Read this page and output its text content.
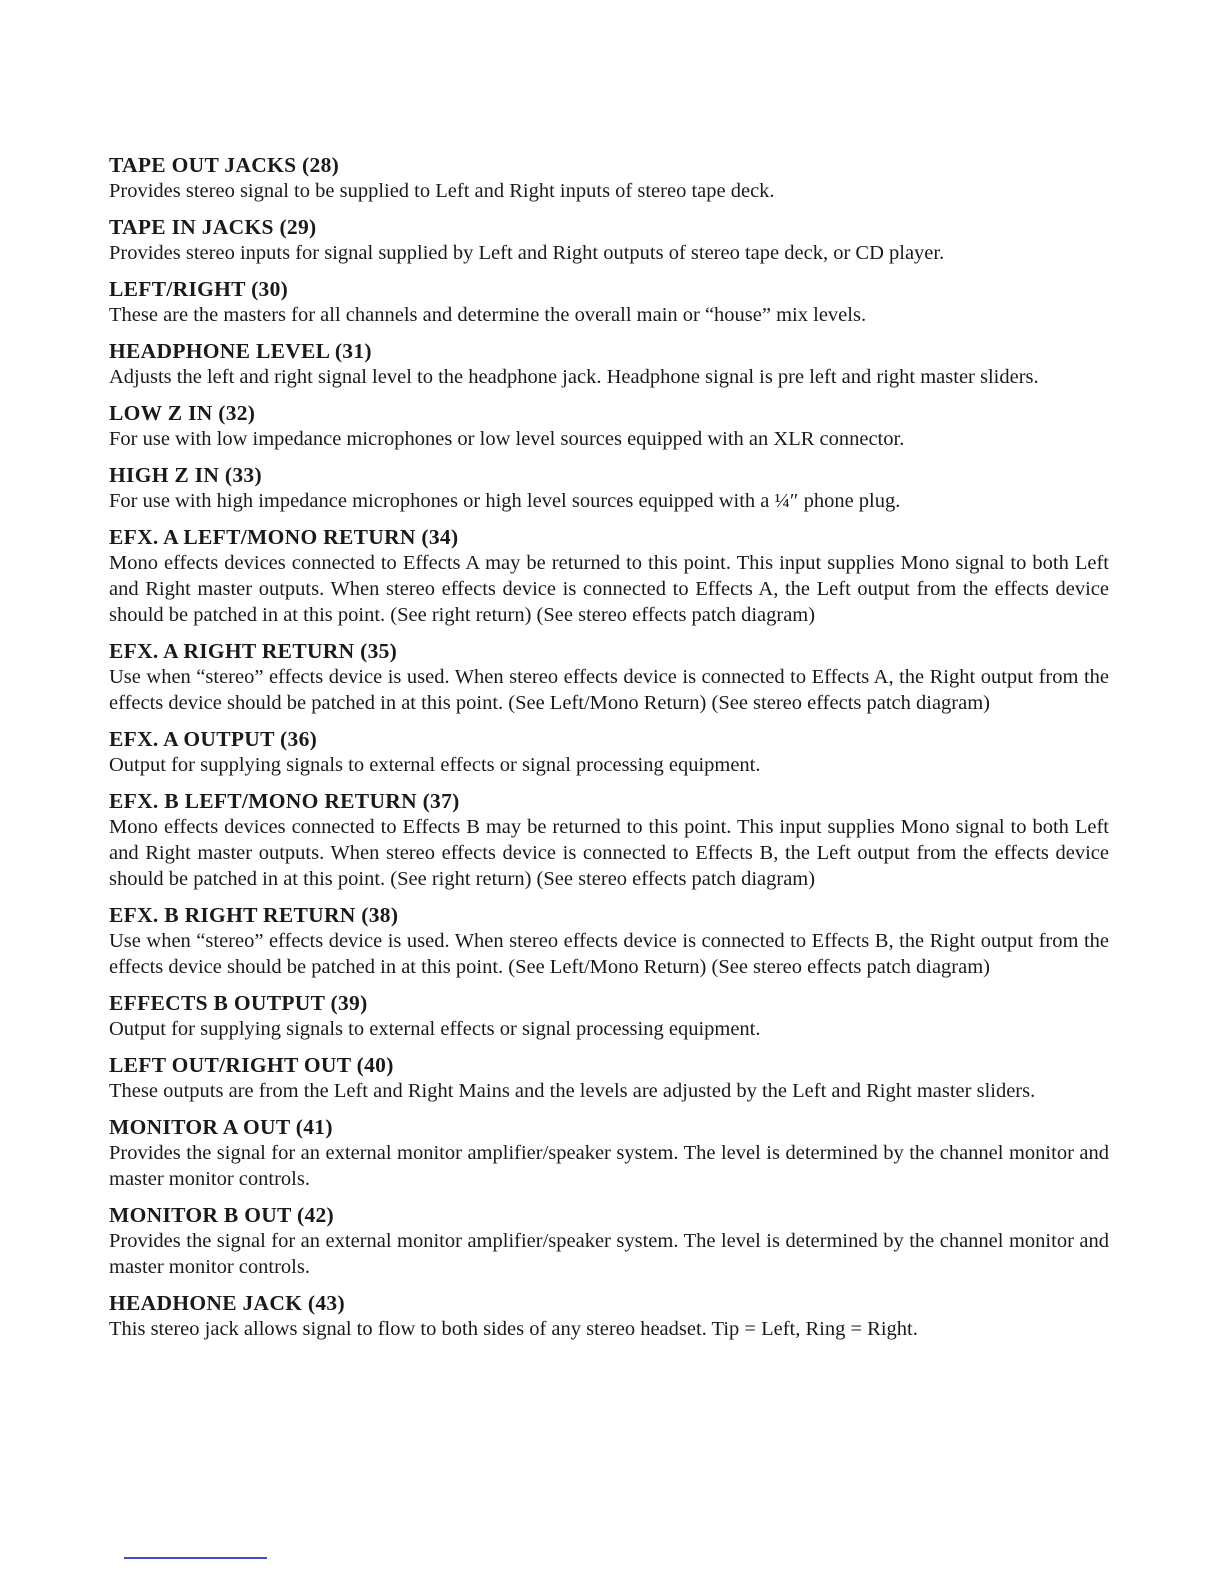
TAPE OUT JACKS (28)
Provides stereo signal to be supplied to Left and Right inputs of stereo tape deck.
TAPE IN JACKS (29)
Provides stereo inputs for signal supplied by Left and Right outputs of stereo tape deck, or CD player.
LEFT/RIGHT (30)
These are the masters for all channels and determine the overall main or “house” mix levels.
HEADPHONE LEVEL (31)
Adjusts the left and right signal level to the headphone jack. Headphone signal is pre left and right master sliders.
LOW Z IN (32)
For use with low impedance microphones or low level sources equipped with an XLR connector.
HIGH Z IN (33)
For use with high impedance microphones or high level sources equipped with a ¼″ phone plug.
EFX. A LEFT/MONO RETURN (34)
Mono effects devices connected to Effects A may be returned to this point. This input supplies Mono signal to both Left and Right master outputs. When stereo effects device is connected to Effects A, the Left output from the effects device should be patched in at this point. (See right return) (See stereo effects patch diagram)
EFX. A RIGHT RETURN (35)
Use when “stereo” effects device is used. When stereo effects device is connected to Effects A, the Right output from the effects device should be patched in at this point. (See Left/Mono Return) (See stereo effects patch diagram)
EFX. A OUTPUT (36)
Output for supplying signals to external effects or signal processing equipment.
EFX. B LEFT/MONO RETURN (37)
Mono effects devices connected to Effects B may be returned to this point. This input supplies Mono signal to both Left and Right master outputs. When stereo effects device is connected to Effects B, the Left output from the effects device should be patched in at this point. (See right return) (See stereo effects patch diagram)
EFX. B RIGHT RETURN (38)
Use when “stereo” effects device is used. When stereo effects device is connected to Effects B, the Right output from the effects device should be patched in at this point. (See Left/Mono Return) (See stereo effects patch diagram)
EFFECTS B OUTPUT (39)
Output for supplying signals to external effects or signal processing equipment.
LEFT OUT/RIGHT OUT (40)
These outputs are from the Left and Right Mains and the levels are adjusted by the Left and Right master sliders.
MONITOR A OUT (41)
Provides the signal for an external monitor amplifier/speaker system. The level is determined by the channel monitor and master monitor controls.
MONITOR B OUT (42)
Provides the signal for an external monitor amplifier/speaker system. The level is determined by the channel monitor and master monitor controls.
HEADHONE JACK (43)
This stereo jack allows signal to flow to both sides of any stereo headset. Tip = Left, Ring = Right.
